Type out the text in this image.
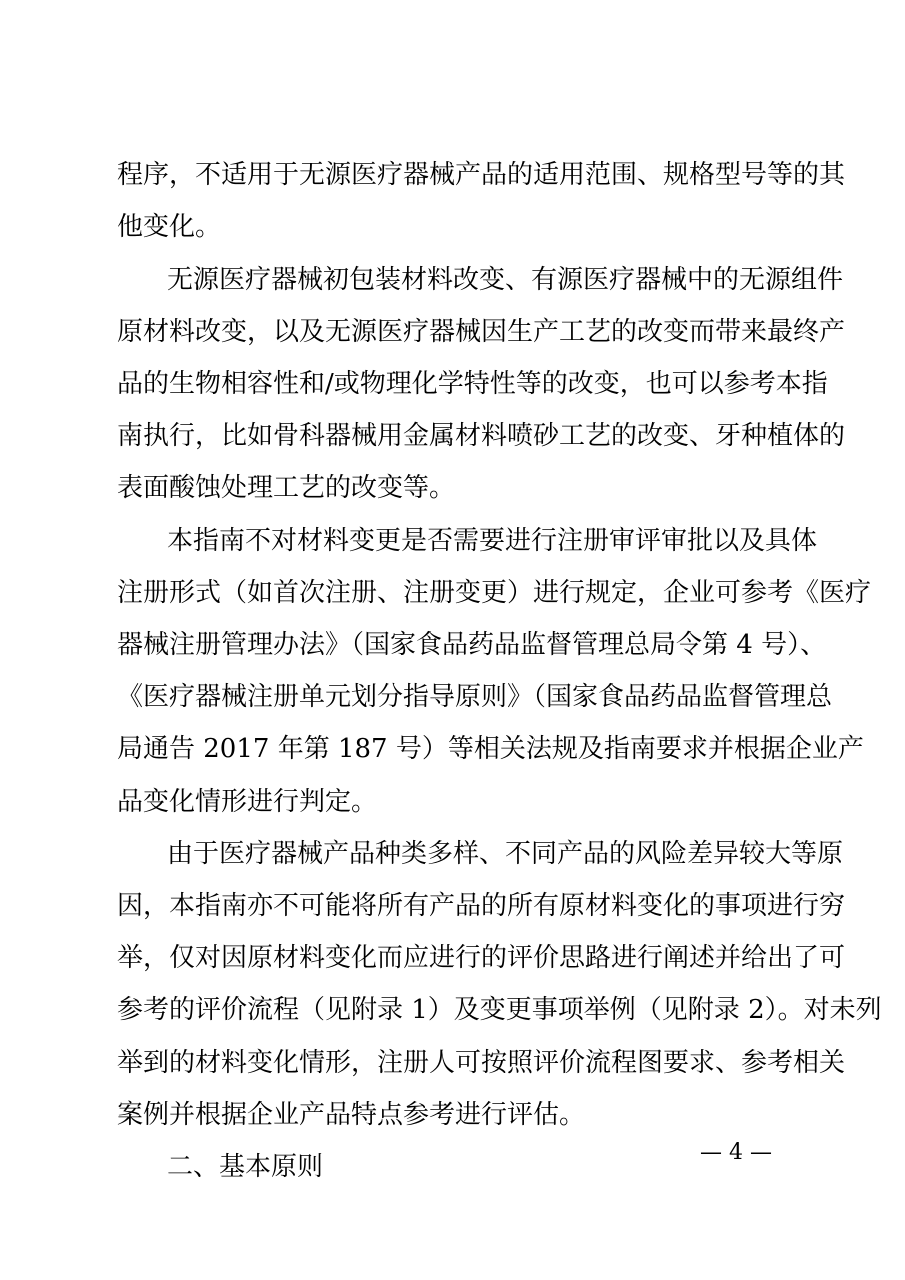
程序，不适用于无源医疗器械产品的适用范围、规格型号等的其
他变化。
无源医疗器械初包装材料改变、有源医疗器械中的无源组件
原材料改变，以及无源医疗器械因生产工艺的改变而带来最终产
品的生物相容性和/或物理化学特性等的改变，也可以参考本指
南执行，比如骨科器械用金属材料喷砂工艺的改变、牙种植体的
表面酸蚀处理工艺的改变等。
本指南不对材料变更是否需要进行注册审评审批以及具体
注册形式（如首次注册、注册变更）进行规定，企业可参考《医疗
器械注册管理办法》（国家食品药品监督管理总局令第 4 号）、
《医疗器械注册单元划分指导原则》（国家食品药品监督管理总
局通告 2017 年第 187 号）等相关法规及指南要求并根据企业产
品变化情形进行判定。
由于医疗器械产品种类多样、不同产品的风险差异较大等原
因，本指南亦不可能将所有产品的所有原材料变化的事项进行穷
举，仅对因原材料变化而应进行的评价思路进行阐述并给出了可
参考的评价流程（见附录 1）及变更事项举例（见附录 2）。对未列
举到的材料变化情形，注册人可按照评价流程图要求、参考相关
案例并根据企业产品特点参考进行评估。
二、基本原则	— 4 —
